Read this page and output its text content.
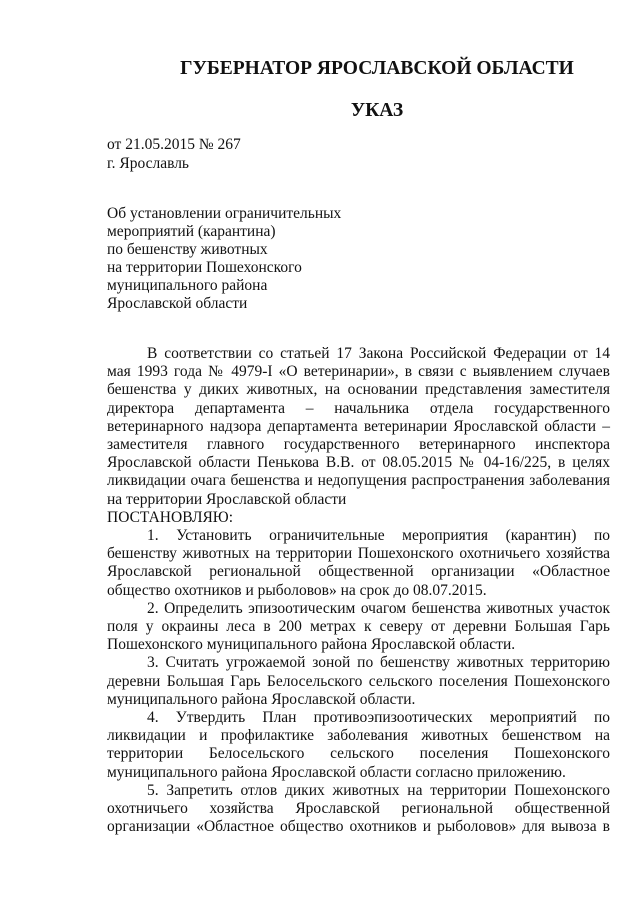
ГУБЕРНАТОР ЯРОСЛАВСКОЙ ОБЛАСТИ
УКАЗ
от 21.05.2015 № 267
г. Ярославль
Об установлении ограничительных
мероприятий (карантина)
по бешенству животных
на территории Пошехонского
муниципального района
Ярославской области

В соответствии со статьей 17 Закона Российской Федерации от 14 мая 1993 года № 4979-I «О ветеринарии», в связи с выявлением случаев бешенства у диких животных, на основании представления заместителя директора департамента – начальника отдела государственного ветеринарного надзора департамента ветеринарии Ярославской области – заместителя главного государственного ветеринарного инспектора Ярославской области Пенькова В.В. от 08.05.2015 № 04-16/225, в целях ликвидации очага бешенства и недопущения распространения заболевания на территории Ярославской области

ПОСТАНОВЛЯЮ:

1. Установить ограничительные мероприятия (карантин) по бешенству животных на территории Пошехонского охотничьего хозяйства Ярославской региональной общественной организации «Областное общество охотников и рыболовов» на срок до 08.07.2015.

2. Определить эпизоотическим очагом бешенства животных участок поля у окраины леса в 200 метрах к северу от деревни Большая Гарь Пошехонского муниципального района Ярославской области.

3. Считать угрожаемой зоной по бешенству животных территорию деревни Большая Гарь Белосельского сельского поселения Пошехонского муниципального района Ярославской области.

4. Утвердить План противоэпизоотических мероприятий по ликвидации и профилактике заболевания животных бешенством на территории Белосельского сельского поселения Пошехонского муниципального района Ярославской области согласно приложению.

5. Запретить отлов диких животных на территории Пошехонского охотничьего хозяйства Ярославской региональной общественной организации «Областное общество охотников и рыболовов» для вывоза в
